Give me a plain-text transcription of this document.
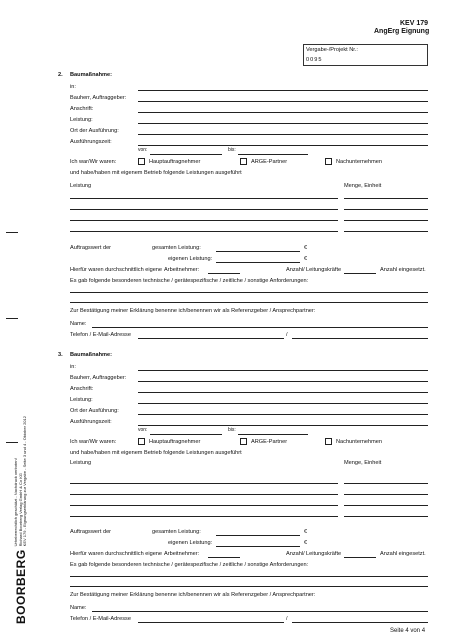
KEV 179
AngErg Eignung
Vergabe-/Projekt Nr.:
0095
BOORBERG
Urheberrechtlich geschützt - Nachdruck verboten! Richard Boorberg Verlag GmbH & Co KG KEV 179 - Eignungserklärung zur Vergabe - Seite 3 und 4 - Oktober 2012
2. Baumaßnahme:
in:
Bauherr, Auftraggeber:
Anschrift:
Leistung:
Ort der Ausführung:
Ausführungszeit:
von:	bis:
Ich war/Wir waren:	Hauptauftragnehmer	ARGE-Partner	Nachunternehmen
und habe/haben mit eigenem Betrieb folgende Leistungen ausgeführt
Leistung	Menge, Einheit
Auftragswert der	gesamten Leistung:	€
eigenen Leistung:	€
Hierfür waren durchschnittlich eigene Arbeitnehmer:	Anzahl/ Leitungskräfte	Anzahl eingesetzt.
Es gab folgende besonderen technische / gerätespezifische / zeitliche / sonstige Anforderungen:
Zur Bestätigung meiner Erklärung benenne ich/benennen wir als Referenzgeber / Ansprechpartner:
Name:
Telefon / E-Mail-Adresse	/
3. Baumaßnahme:
in:
Bauherr, Auftraggeber:
Anschrift:
Leistung:
Ort der Ausführung:
Ausführungszeit:
von:	bis:
Ich war/Wir waren:	Hauptauftragnehmer	ARGE-Partner	Nachunternehmen
und habe/haben mit eigenem Betrieb folgende Leistungen ausgeführt
Leistung	Menge, Einheit
Auftragswert der	gesamten Leistung:	€
eigenen Leistung:	€
Hierfür waren durchschnittlich eigene Arbeitnehmer:	Anzahl/ Leitungskräfte	Anzahl eingesetzt.
Es gab folgende besonderen technische / gerätespezifische / zeitliche / sonstige Anforderungen:
Zur Bestätigung meiner Erklärung benenne ich/benennen wir als Referenzgeber / Ansprechpartner:
Name:
Telefon / E-Mail-Adresse	/
Seite 4 von 4
